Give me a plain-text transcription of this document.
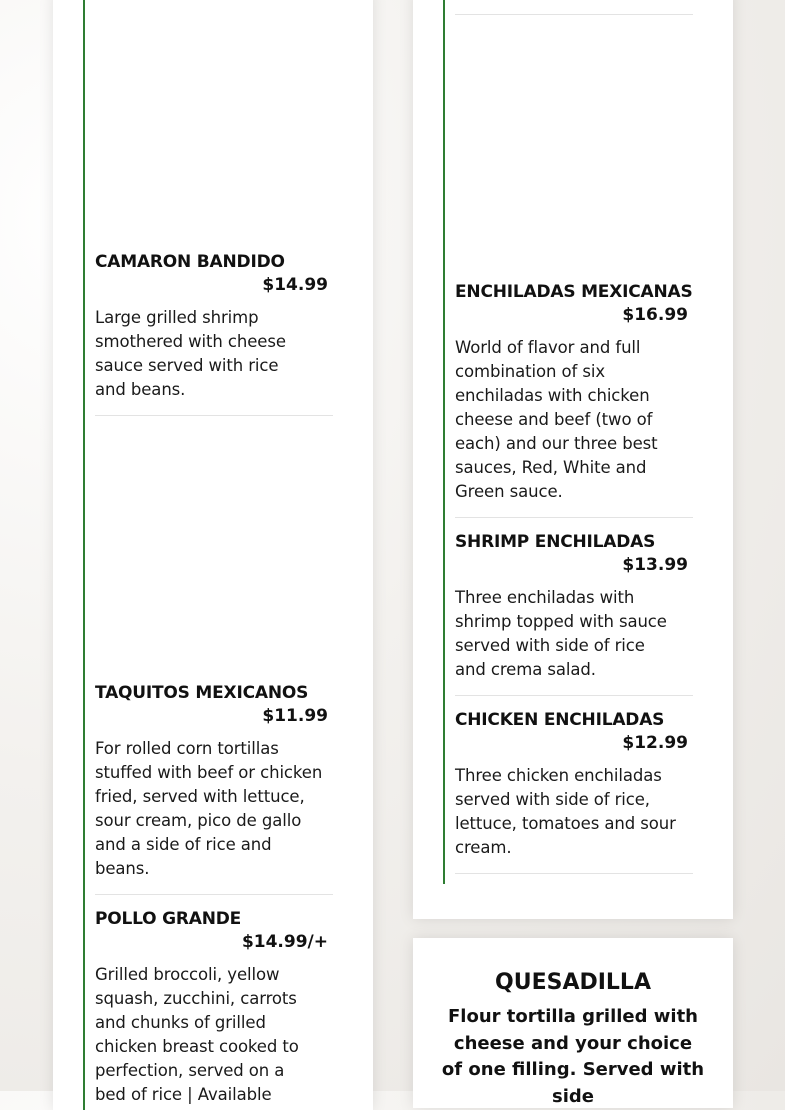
CAMARON BANDIDO
$14.99
Large grilled shrimp smothered with cheese sauce served with rice and beans.
TAQUITOS MEXICANOS
$11.99
For rolled corn tortillas stuffed with beef or chicken fried, served with lettuce, sour cream, pico de gallo and a side of rice and beans.
POLLO GRANDE
$14.99/+
Grilled broccoli, yellow squash, zucchini, carrots and chunks of grilled chicken breast cooked to perfection, served on a bed of rice | Available
ENCHILADAS MEXICANAS
$16.99
World of flavor and full combination of six enchiladas with chicken cheese and beef (two of each) and our three best sauces, Red, White and Green sauce.
SHRIMP ENCHILADAS
$13.99
Three enchiladas with shrimp topped with sauce served with side of rice and crema salad.
CHICKEN ENCHILADAS
$12.99
Three chicken enchiladas served with side of rice, lettuce, tomatoes and sour cream.
QUESADILLA
Flour tortilla grilled with cheese and your choice of one filling. Served with side
